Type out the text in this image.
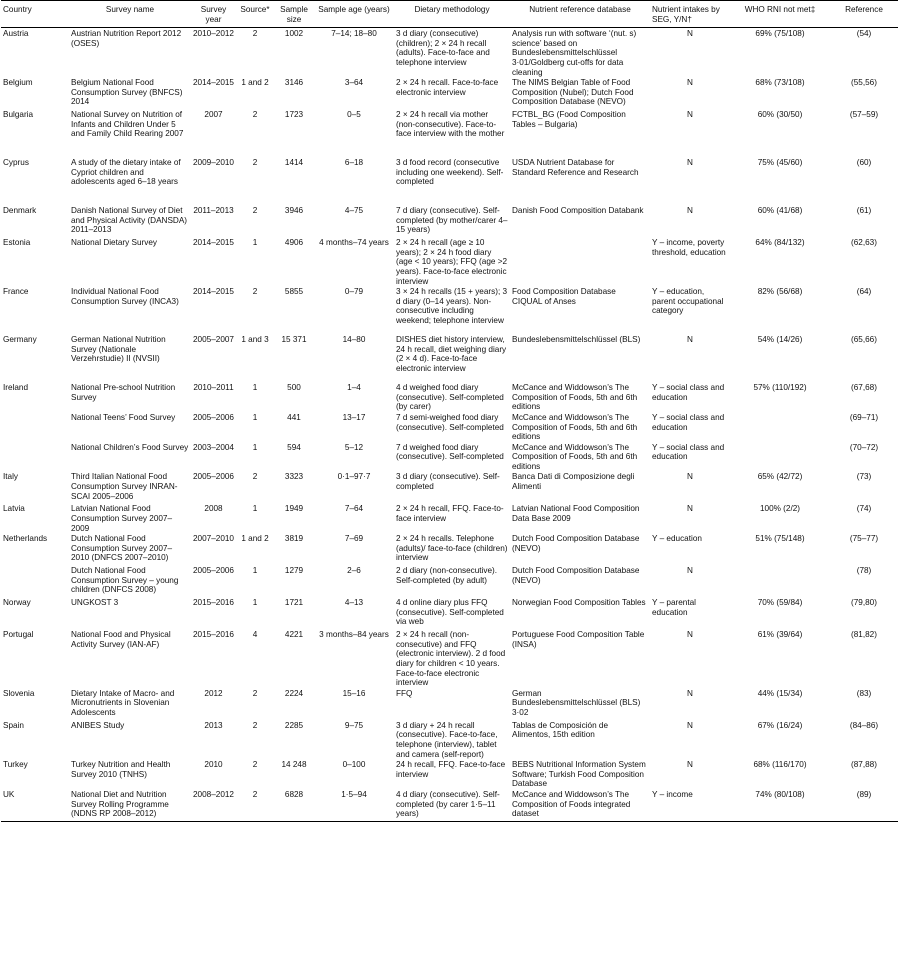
Country	Survey name	Survey year	Source*	Sample size	Sample age (years)	Dietary methodology	Nutrient reference database	Nutrient intakes by SEG, Y/N†	WHO RNI not met‡	Reference
Austria	Austrian Nutrition Report 2012 (OSES)	2010–2012	2	1002	7–14; 18–80	3 d diary (consecutive) (children); 2 × 24 h recall (adults). Face-to-face and telephone interview	Analysis run with software ‘(nut. s) science’ based on Bundeslebensmittelschlüssel 3·01/Goldberg cut-offs for data cleaning	N	69% (75/108)	(54)
Belgium	Belgium National Food Consumption Survey (BNFCS) 2014	2014–2015	1 and 2	3146	3–64	2 × 24 h recall. Face-to-face electronic interview	The NIMS Belgian Table of Food Composition (Nubel); Dutch Food Composition Database (NEVO)	N	68% (73/108)	(55,56)
Bulgaria	National Survey on Nutrition of Infants and Children Under 5 and Family Child Rearing 2007	2007	2	1723	0–5	2 × 24 h recall via mother (non-consecutive). Face-to-face interview with the mother	FCTBL_BG (Food Composition Tables – Bulgaria)	N	60% (30/50)	(57–59)
Cyprus	A study of the dietary intake of Cypriot children and adolescents aged 6–18 years	2009–2010	2	1414	6–18	3 d food record (consecutive including one weekend). Self-completed	USDA Nutrient Database for Standard Reference and Research	N	75% (45/60)	(60)
Denmark	Danish National Survey of Diet and Physical Activity (DANSDA) 2011–2013	2011–2013	2	3946	4–75	7 d diary (consecutive). Self-completed (by mother/carer 4–15 years)	Danish Food Composition Databank	N	60% (41/68)	(61)
Estonia	National Dietary Survey	2014–2015	1	4906	4 months–74 years	2 × 24 h recall (age ≥ 10 years); 2 × 24 h food diary (age < 10 years); FFQ (age >2 years). Face-to-face electronic interview		Y – income, poverty threshold, education	64% (84/132)	(62,63)
France	Individual National Food Consumption Survey (INCA3)	2014–2015	2	5855	0–79	3 × 24 h recalls (15 + years); 3 d diary (0–14 years). Non-consecutive including weekend; telephone interview	Food Composition Database CIQUAL of Anses	Y – education, parent occupational category	82% (56/68)	(64)
Germany	German National Nutrition Survey (Nationale Verzehrstudie) II (NVSII)	2005–2007	1 and 3	15 371	14–80	DISHES diet history interview, 24 h recall, diet weighing diary (2 × 4 d). Face-to-face electronic interview	Bundeslebensmittelschlüssel (BLS)	N	54% (14/26)	(65,66)
Ireland	National Pre-school Nutrition Survey	2010–2011	1	500	1–4	4 d weighed food diary (consecutive). Self-completed (by carer)	McCance and Widdowson’s The Composition of Foods, 5th and 6th editions	Y – social class and education	57% (110/192)	(67,68)
	National Teens’ Food Survey	2005–2006	1	441	13–17	7 d semi-weighed food diary (consecutive). Self-completed	McCance and Widdowson’s The Composition of Foods, 5th and 6th editions	Y – social class and education		(69–71)
	National Children’s Food Survey	2003–2004	1	594	5–12	7 d weighed food diary (consecutive). Self-completed	McCance and Widdowson’s The Composition of Foods, 5th and 6th editions	Y – social class and education		(70–72)
Italy	Third Italian National Food Consumption Survey INRAN-SCAI 2005–2006	2005–2006	2	3323	0·1–97·7	3 d diary (consecutive). Self-completed	Banca Dati di Composizione degli Alimenti	N	65% (42/72)	(73)
Latvia	Latvian National Food Consumption Survey 2007–2009	2008	1	1949	7–64	2 × 24 h recall, FFQ. Face-to-face interview	Latvian National Food Composition Data Base 2009	N	100% (2/2)	(74)
Netherlands	Dutch National Food Consumption Survey 2007–2010 (DNFCS 2007–2010)	2007–2010	1 and 2	3819	7–69	2 × 24 h recalls. Telephone (adults)/ face-to-face (children) interview	Dutch Food Composition Database (NEVO)	Y – education	51% (75/148)	(75–77)
	Dutch National Food Consumption Survey – young children (DNFCS 2008)	2005–2006	1	1279	2–6	2 d diary (non-consecutive). Self-completed (by adult)	Dutch Food Composition Database (NEVO)	N		(78)
Norway	UNGKOST 3	2015–2016	1	1721	4–13	4 d online diary plus FFQ (consecutive). Self-completed via web	Norwegian Food Composition Tables	Y – parental education	70% (59/84)	(79,80)
Portugal	National Food and Physical Activity Survey (IAN-AF)	2015–2016	4	4221	3 months–84 years	2 × 24 h recall (non-consecutive) and FFQ (electronic interview). 2 d food diary for children < 10 years. Face-to-face electronic interview	Portuguese Food Composition Table (INSA)	N	61% (39/64)	(81,82)
Slovenia	Dietary Intake of Macro- and Micronutrients in Slovenian Adolescents	2012	2	2224	15–16	FFQ	German Bundeslebensmittelschlüssel (BLS) 3·02	N	44% (15/34)	(83)
Spain	ANIBES Study	2013	2	2285	9–75	3 d diary + 24 h recall (consecutive). Face-to-face, telephone (interview), tablet and camera (self-report)	Tablas de Composición de Alimentos, 15th edition	N	67% (16/24)	(84–86)
Turkey	Turkey Nutrition and Health Survey 2010 (TNHS)	2010	2	14 248	0–100	24 h recall, FFQ. Face-to-face interview	BEBS Nutritional Information System Software; Turkish Food Composition Database	N	68% (116/170)	(87,88)
UK	National Diet and Nutrition Survey Rolling Programme (NDNS RP 2008–2012)	2008–2012	2	6828	1·5–94	4 d diary (consecutive). Self-completed (by carer 1·5–11 years)	McCance and Widdowson’s The Composition of Foods integrated dataset	Y – income	74% (80/108)	(89)
